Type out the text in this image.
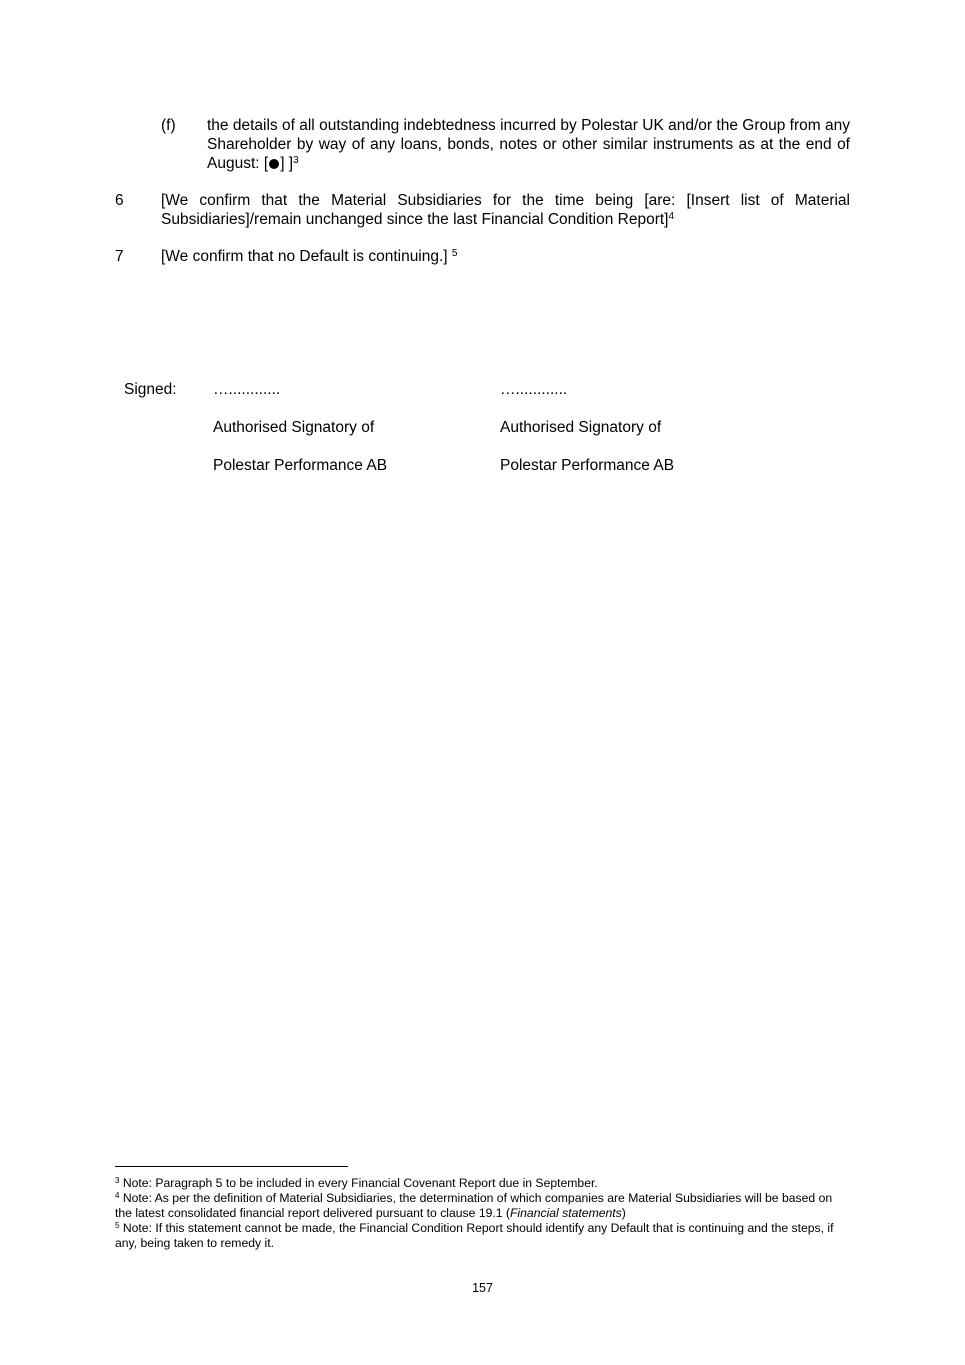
(f) the details of all outstanding indebtedness incurred by Polestar UK and/or the Group from any Shareholder by way of any loans, bonds, notes or other similar instruments as at the end of August: [ ] ]$^3$
6 [We confirm that the Material Subsidiaries for the time being [are: [Insert list of Material Subsidiaries]/remain unchanged since the last Financial Condition Report]$^4$
7 [We confirm that no Default is continuing.] $^5$
Signed: …............
Authorised Signatory of
Polestar Performance AB
…............
Authorised Signatory of
Polestar Performance AB

$^3$ Note: Paragraph 5 to be included in every Financial Covenant Report due in September.

$^4$ Note: As per the definition of Material Subsidiaries, the determination of which companies are Material Subsidiaries will be based on the latest consolidated financial report delivered pursuant to clause 19.1 (Financial statements)

$^5$ Note: If this statement cannot be made, the Financial Condition Report should identify any Default that is continuing and the steps, if any, being taken to remedy it.

157
